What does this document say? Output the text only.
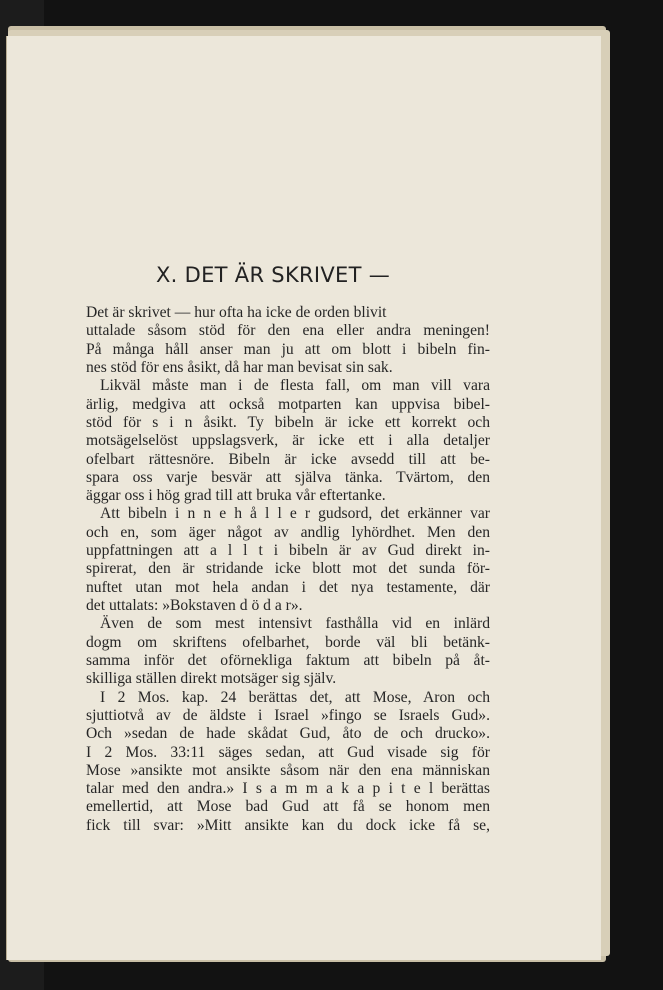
X. DET ÄR SKRIVET —
Det är skrivet — hur ofta ha icke de orden blivit
uttalade såsom stöd för den ena eller andra meningen!
På många håll anser man ju att om blott i bibeln fin-
nes stöd för ens åsikt, då har man bevisat sin sak.
Likväl måste man i de flesta fall, om man vill vara
ärlig, medgiva att också motparten kan uppvisa bibel-
stöd för s i n åsikt. Ty bibeln är icke ett korrekt och
motsägelselöst uppslagsverk, är icke ett i alla detaljer
ofelbart rättesnöre. Bibeln är icke avsedd till att be-
spara oss varje besvär att själva tänka. Tvärtom, den
äggar oss i hög grad till att bruka vår eftertanke.
Att bibeln i n n e h å l l e r gudsord, det erkänner var
och en, som äger något av andlig lyhördhet. Men den
uppfattningen att a l l t i bibeln är av Gud direkt in-
spirerat, den är stridande icke blott mot det sunda för-
nuftet utan mot hela andan i det nya testamente, där
det uttalats: »Bokstaven d ö d a r».
Även de som mest intensivt fasthålla vid en inlärd
dogm om skriftens ofelbarhet, borde väl bli betänk-
samma inför det oförnekliga faktum att bibeln på åt-
skilliga ställen direkt motsäger sig själv.
I 2 Mos. kap. 24 berättas det, att Mose, Aron och
sjuttiotvå av de äldste i Israel »fingo se Israels Gud».
Och »sedan de hade skådat Gud, åto de och drucko».
I 2 Mos. 33:11 säges sedan, att Gud visade sig för
Mose »ansikte mot ansikte såsom när den ena människan
talar med den andra.» I s a m m a k a p i t e l berättas
emellertid, att Mose bad Gud att få se honom men
fick till svar: »Mitt ansikte kan du dock icke få se,
